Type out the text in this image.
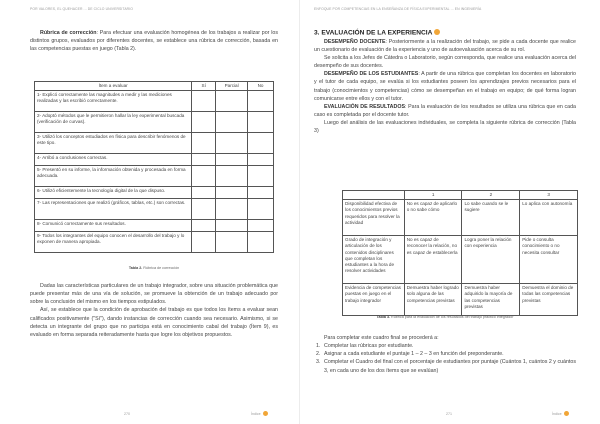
POR VALORES, EL QUEHACER ... DE CICLO UNIVERSITARIO

Rúbrica de corrección: Para efectuar una evaluación homogénea de los trabajos a realizar por los distintos grupos, evaluados por diferentes docentes, se establece una rúbrica de corrección, basada en las competencias puestas en juego (Tabla 2).

Ítem a evaluar	Sí	Parcial	No
1- Explicó correctamente las magnitudes a medir y las mediciones realizadas y las escribió correctamente.			
2- Adoptó métodos que le permitieron hallar la ley experimental buscada (verificación de curvas).			
3- Utilizó los conceptos estudiados en física para describir fenómenos de este tipo.			
4- Arribó a conclusiones correctas.			
5- Presentó en su informe, la información obtenida y procesada en forma adecuada.			
6- Utilizó eficientemente la tecnología digital de la que dispuso.			
7- Las representaciones que realizó (gráficos, tablas, etc.) son correctas.			
8- Comunicó correctamente sus resultados.			
9- Todos los integrantes del equipo conocen el desarrollo del trabajo y lo exponen de manera apropiada.			
Tabla 2. Rúbrica de corrección

Dadas las características particulares de un trabajo integrador, sobre una situación problemática que puede presentar más de una vía de solución, se promueve la obtención de un trabajo adecuado por sobre la conclusión del mismo en los tiempos estipulados.

Así, se establece que la condición de aprobación del trabajo es que todos los ítems a evaluar sean calificados positivamente ("Sí"), dando instancias de corrección cuando sea necesario. Asimismo, si se detecta un integrante del grupo que no participa está en conocimiento cabal del trabajo (Ítem 9), es evaluado en forma separada reiteradamente hasta que logre los objetivos propuestos.

270	Índice
ENFOQUE POR COMPETENCIAS EN LA ENSEÑANZA DE FÍSICA EXPERIMENTAL ... EN INGENIERÍA

3. EVALUACIÓN DE LA EXPERIENCIA

DESEMPEÑO DOCENTE: Posteriormente a la realización del trabajo, se pide a cada docente que realice un cuestionario de evaluación de la experiencia y uno de autoevaluación acerca de su rol.

Se solicita a los Jefes de Cátedra o Laboratorio, según corresponda, que realice una evaluación acerca del desempeño de sus docentes.

DESEMPEÑO DE LOS ESTUDIANTES: A partir de una rúbrica que completan los docentes en laboratorio y el tutor de cada equipo, se evalúa si los estudiantes poseen los aprendizajes previos necesarios para el trabajo (conocimientos y competencias) cómo se desempeñan en el trabajo en equipo; de qué forma logran comunicarse entre ellos y con el tutor.

EVALUACIÓN DE RESULTADOS: Para la evaluación de los resultados se utiliza una rúbrica que en cada caso es completada por el docente tutor.

Luego del análisis de las evaluaciones individuales, se completa la siguiente rúbrica de corrección (Tabla 3)

	1	2	3
Disponibilidad efectiva de los conocimientos previos requeridos para resolver la actividad	No es capaz de aplicarlo o no sabe cómo	Lo sabe cuando se le sugiere	Lo aplica con autonomía
Grado de integración y articulación de los contenidos disciplinares que completan los estudiantes a la hora de resolver actividades	No es capaz de reconocer la relación, no es capaz de establecerla	Logra poner la relación con experiencia	Pide o consulta conocimiento o no necesita consultar
Evidencia de competencias puestas en juego en el trabajo integrador	Demuestra haber logrado solo alguna de las competencias previstas	Demuestra haber adquirido la mayoría de las competencias previstas	Demuestra el dominio de todas las competencias previstas
Tabla 3. Rúbrica para la evaluación de los resultados del trabajo práctico integrador

Para completar este cuadro final se procederá a:

1. Completar las rúbricas por estudiante.
2. Asignar a cada estudiante el puntaje 1 – 2 – 3 en función del preponderante.
3. Completar el Cuadro del final con el porcentaje de estudiantes por puntaje (Cuántos 1, cuántos 2 y cuántos 3, en cada uno de los dos ítems que se evalúan)
271	Índice
